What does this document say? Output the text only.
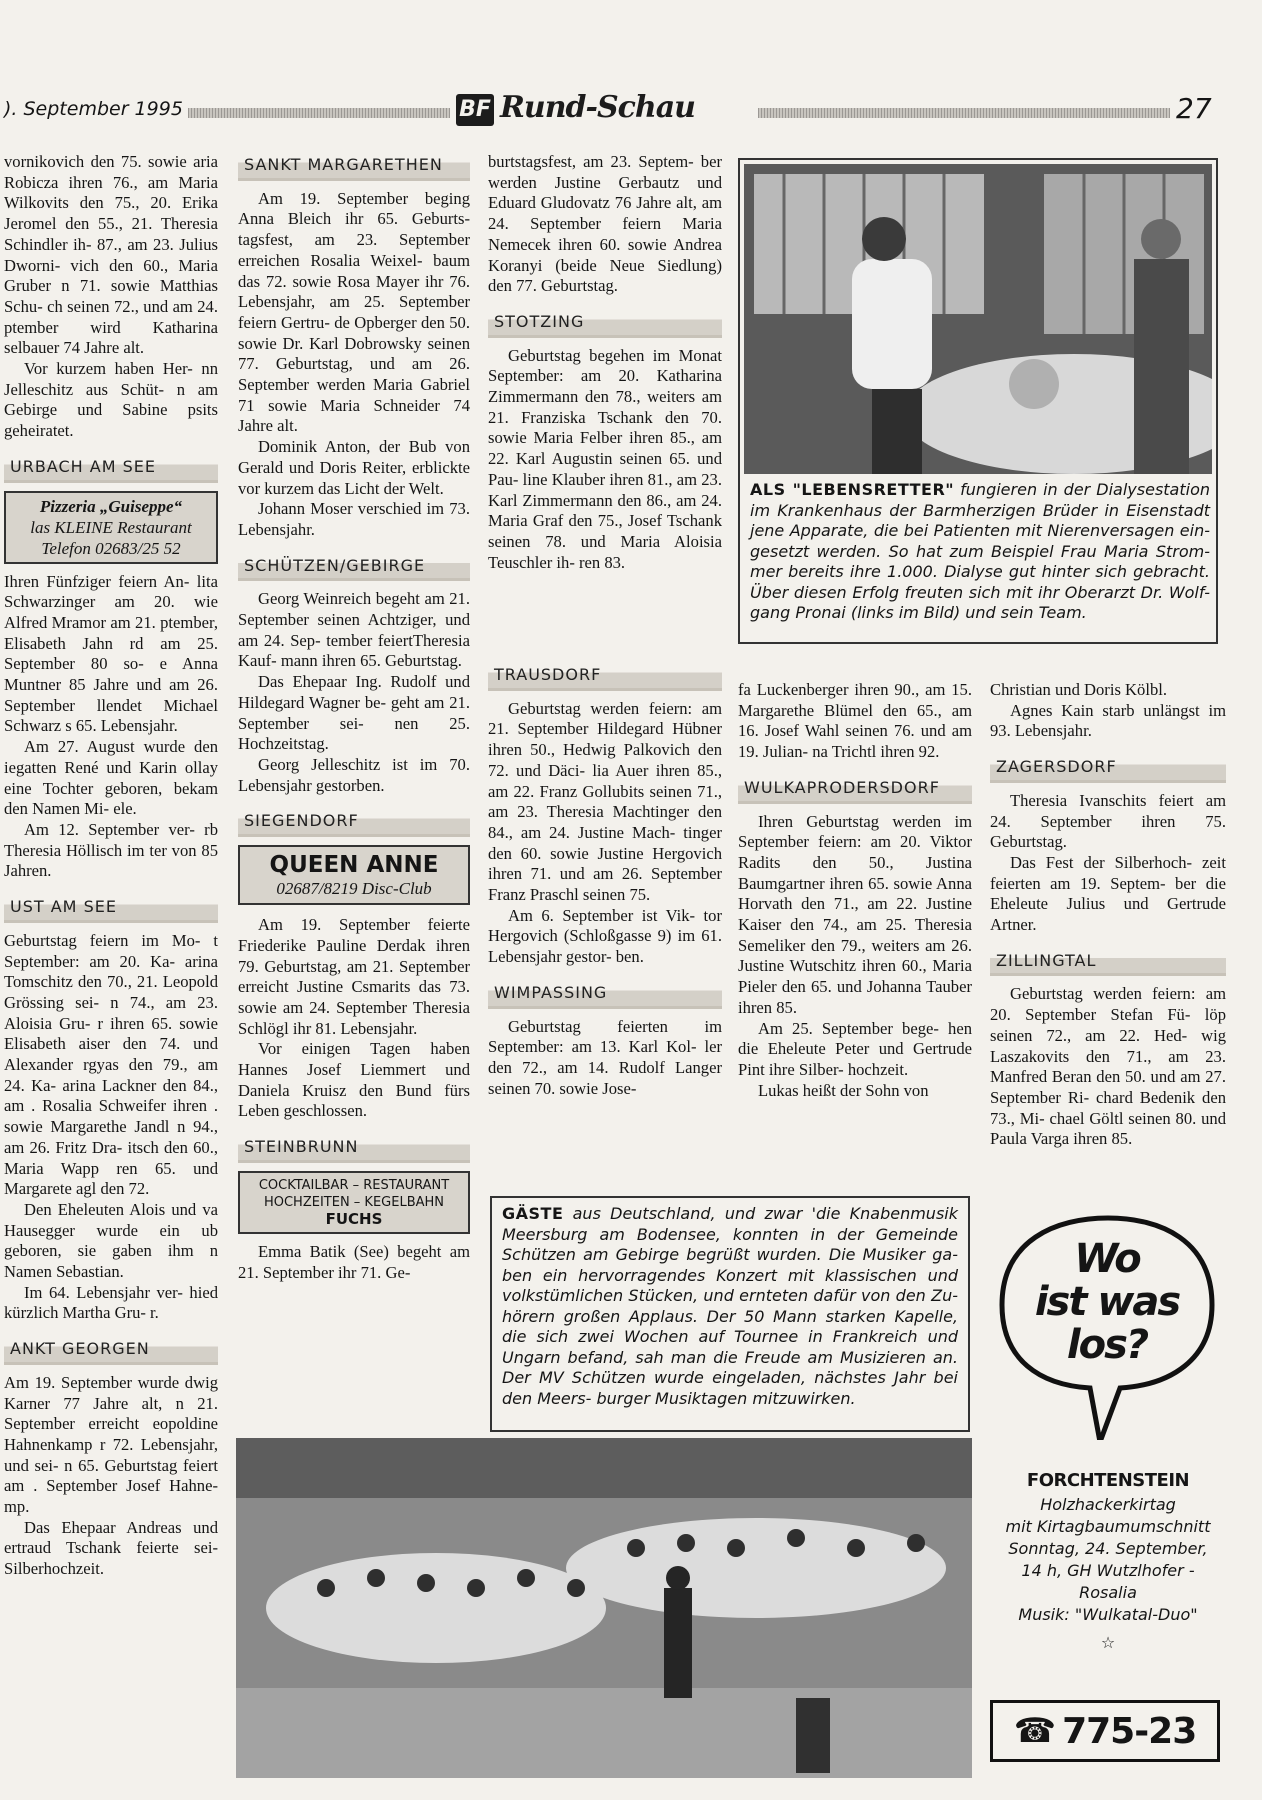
). September 1995	BF Rund-Schau	27

vornikovich den 75. sowie aria Robicza ihren 76., am Maria Wilkovits den 75., 20. Erika Jeromel den 55., 21. Theresia Schindler ih- 87., am 23. Julius Dworni- vich den 60., Maria Gruber n 71. sowie Matthias Schu- ch seinen 72., und am 24. ptember wird Katharina selbauer 74 Jahre alt.

Vor kurzem haben Her- nn Jelleschitz aus Schüt- n am Gebirge und Sabine psits geheiratet.

URBACH AM SEE
Pizzeria „Guiseppe“
las KLEINE Restaurant
Telefon 02683/25 52

Ihren Fünfziger feiern An- lita Schwarzinger am 20. wie Alfred Mramor am 21. ptember, Elisabeth Jahn rd am 25. September 80 so- e Anna Muntner 85 Jahre und am 26. September llendet Michael Schwarz s 65. Lebensjahr.

Am 27. August wurde den iegatten René und Karin ollay eine Tochter geboren, bekam den Namen Mi- ele.

Am 12. September ver- rb Theresia Höllisch im ter von 85 Jahren.

UST AM SEE

Geburtstag feiern im Mo- t September: am 20. Ka- arina Tomschitz den 70., 21. Leopold Grössing sei- n 74., am 23. Aloisia Gru- r ihren 65. sowie Elisabeth aiser den 74. und Alexander rgyas den 79., am 24. Ka- arina Lackner den 84., am . Rosalia Schweifer ihren . sowie Margarethe Jandl n 94., am 26. Fritz Dra- itsch den 60., Maria Wapp ren 65. und Margarete agl den 72.

Den Eheleuten Alois und va Hausegger wurde ein ub geboren, sie gaben ihm n Namen Sebastian.

Im 64. Lebensjahr ver- hied kürzlich Martha Gru- r.

ANKT GEORGEN

Am 19. September wurde dwig Karner 77 Jahre alt, n 21. September erreicht eopoldine Hahnenkamp r 72. Lebensjahr, und sei- n 65. Geburtstag feiert am . September Josef Hahne- mp.

Das Ehepaar Andreas und ertraud Tschank feierte sei- Silberhochzeit.

SANKT MARGARETHEN

Am 19. September beging Anna Bleich ihr 65. Geburts- tagsfest, am 23. September erreichen Rosalia Weixel- baum das 72. sowie Rosa Mayer ihr 76. Lebensjahr, am 25. September feiern Gertru- de Opberger den 50. sowie Dr. Karl Dobrowsky seinen 77. Geburtstag, und am 26. September werden Maria Gabriel 71 sowie Maria Schneider 74 Jahre alt.

Dominik Anton, der Bub von Gerald und Doris Reiter, erblickte vor kurzem das Licht der Welt.

Johann Moser verschied im 73. Lebensjahr.

SCHÜTZEN/GEBIRGE

Georg Weinreich begeht am 21. September seinen Achtziger, und am 24. Sep- tember feiertTheresia Kauf- mann ihren 65. Geburtstag.

Das Ehepaar Ing. Rudolf und Hildegard Wagner be- geht am 21. September sei- nen 25. Hochzeitstag.

Georg Jelleschitz ist im 70. Lebensjahr gestorben.

SIEGENDORF
QUEEN ANNE
02687/8219 Disc-Club

Am 19. September feierte Friederike Pauline Derdak ihren 79. Geburtstag, am 21. September erreicht Justine Csmarits das 73. sowie am 24. September Theresia Schlögl ihr 81. Lebensjahr.

Vor einigen Tagen haben Hannes Josef Liemmert und Daniela Kruisz den Bund fürs Leben geschlossen.

STEINBRUNN
COCKTAILBAR – RESTAURANT
HOCHZEITEN – KEGELBAHN
FUCHS

Emma Batik (See) begeht am 21. September ihr 71. Ge-

burtstagsfest, am 23. Septem- ber werden Justine Gerbautz und Eduard Gludovatz 76 Jahre alt, am 24. September feiern Maria Nemecek ihren 60. sowie Andrea Koranyi (beide Neue Siedlung) den 77. Geburtstag.

STOTZING

Geburtstag begehen im Monat September: am 20. Katharina Zimmermann den 78., weiters am 21. Franziska Tschank den 70. sowie Maria Felber ihren 85., am 22. Karl Augustin seinen 65. und Pau- line Klauber ihren 81., am 23. Karl Zimmermann den 86., am 24. Maria Graf den 75., Josef Tschank seinen 78. und Maria Aloisia Teuschler ih- ren 83.

ALS "LEBENSRETTER" fungieren in der Dialysestation im Krankenhaus der Barmherzigen Brüder in Eisenstadt jene Apparate, die bei Patienten mit Nierenversagen ein- gesetzt werden. So hat zum Beispiel Frau Maria Strom- mer bereits ihre 1.000. Dialyse gut hinter sich gebracht. Über diesen Erfolg freuten sich mit ihr Oberarzt Dr. Wolf- gang Pronai (links im Bild) und sein Team.
TRAUSDORF

Geburtstag werden feiern: am 21. September Hildegard Hübner ihren 50., Hedwig Palkovich den 72. und Däci- lia Auer ihren 85., am 22. Franz Gollubits seinen 71., am 23. Theresia Machtinger den 84., am 24. Justine Mach- tinger den 60. sowie Justine Hergovich ihren 71. und am 26. September Franz Praschl seinen 75.

Am 6. September ist Vik- tor Hergovich (Schloßgasse 9) im 61. Lebensjahr gestor- ben.

WIMPASSING

Geburtstag feierten im September: am 13. Karl Kol- ler den 72., am 14. Rudolf Langer seinen 70. sowie Jose-

fa Luckenberger ihren 90., am 15. Margarethe Blümel den 65., am 16. Josef Wahl seinen 76. und am 19. Julian- na Trichtl ihren 92.

WULKAPRODERSDORF

Ihren Geburtstag werden im September feiern: am 20. Viktor Radits den 50., Justina Baumgartner ihren 65. sowie Anna Horvath den 71., am 22. Justine Kaiser den 74., am 25. Theresia Semeliker den 79., weiters am 26. Justine Wutschitz ihren 60., Maria Pieler den 65. und Johanna Tauber ihren 85.

Am 25. September bege- hen die Eheleute Peter und Gertrude Pint ihre Silber- hochzeit.

Lukas heißt der Sohn von

Christian und Doris Kölbl.

Agnes Kain starb unlängst im 93. Lebensjahr.

ZAGERSDORF

Theresia Ivanschits feiert am 24. September ihren 75. Geburtstag.

Das Fest der Silberhoch- zeit feierten am 19. Septem- ber die Eheleute Julius und Gertrude Artner.

ZILLINGTAL

Geburtstag werden feiern: am 20. September Stefan Fü- löp seinen 72., am 22. Hed- wig Laszakovits den 71., am 23. Manfred Beran den 50. und am 27. September Ri- chard Bedenik den 73., Mi- chael Göltl seinen 80. und Paula Varga ihren 85.

GÄSTE aus Deutschland, und zwar 'die Knabenmusik Meersburg am Bodensee, konnten in der Gemeinde Schützen am Gebirge begrüßt wurden. Die Musiker ga- ben ein hervorragendes Konzert mit klassischen und volkstümlichen Stücken, und ernteten dafür von den Zu- hörern großen Applaus. Der 50 Mann starken Kapelle, die sich zwei Wochen auf Tournee in Frankreich und Ungarn befand, sah man die Freude am Musizieren an. Der MV Schützen wurde eingeladen, nächstes Jahr bei den Meers- burger Musiktagen mitzuwirken.
Wo
ist was
los?
FORCHTENSTEIN
Holzhackerkirtag
mit Kirtagbaumumschnitt
Sonntag, 24. September,
14 h, GH Wutzlhofer -
Rosalia
Musik: "Wulkatal-Duo"
☆
☎ 775-23
